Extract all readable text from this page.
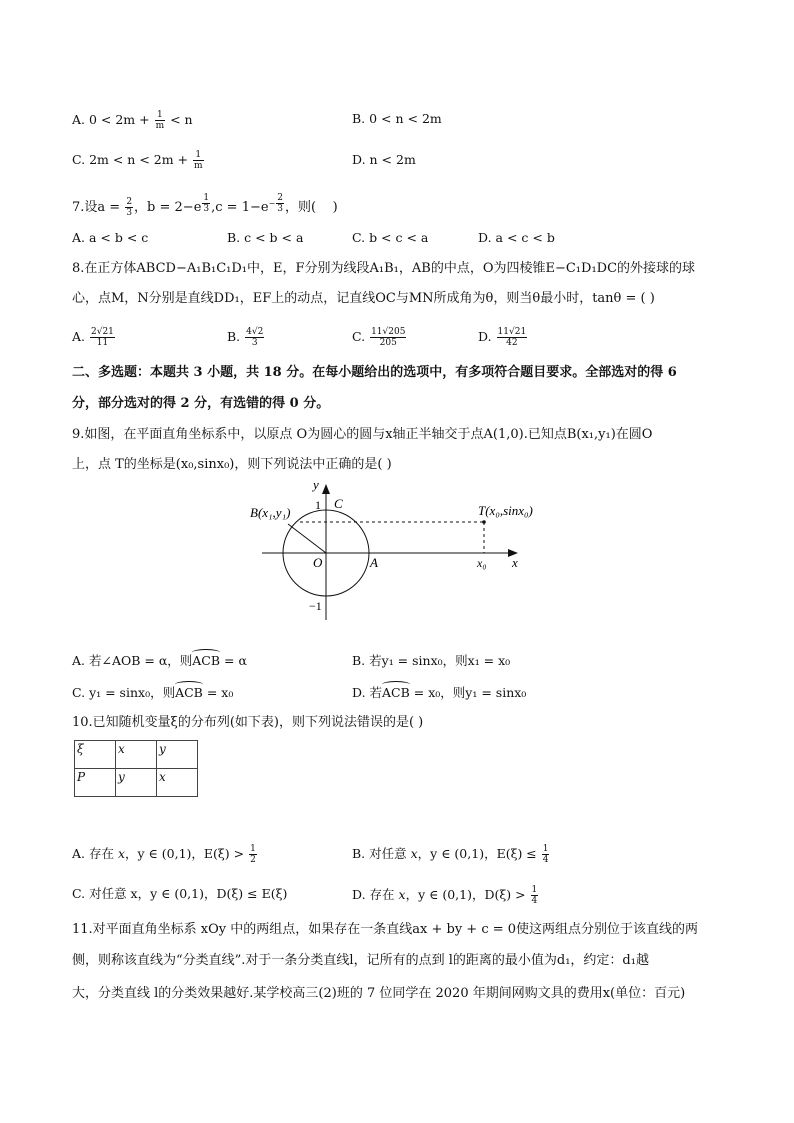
A. $0 < 2m + \frac{1}{m} < n$	B. 0 < n < 2m
C. $2m < n < 2m + \frac{1}{m}$	D. n < 2m
7.设$a = \frac{2}{3}$ ，b = 2−e $^{\frac{1}{3}}$ $,c = 1-e^{- \frac{2}{3}}$ ，则(    )
A. a < b < c	B. c < b < a	C. b < c < a	D. a < c < b
8.在正方体ABCD−A₁B₁C₁D₁中，E，F分别为线段A₁B₁，AB的中点，O为四棱锥E−C₁D₁DC的外接球的球
心，点M，N分别是直线DD₁，EF上的动点，记直线OC与MN所成角为θ，则当θ最小时，tanθ = ( )
A. $\frac{2√21}{11}$	B. $\frac{4√2}{3}$	C. $\frac{11√205}{205}$	D. $\frac{11√21}{42}$
二、多选题：本题共 3 小题，共 18 分。在每小题给出的选项中，有多项符合题目要求。全部选对的得 6
分，部分选对的得 2 分，有选错的得 0 分。
9.如图，在平面直角坐标系中，以原点 O为圆心的圆与x轴正半轴交于点A(1,0).已知点B(x₁,y₁)在圆O
上，点 T的坐标是(x₀,sinx₀)，则下列说法中正确的是( )
y
x
B(x₁,y₁)
C	T(x₀,sinx₀)
O	A	x₀
1
−1
A. 若∠AOB = α，则ACB = α	B. 若y₁ = sinx₀，则x₁ = x₀
C. y₁ = sinx₀，则ACB = x₀	D. 若ACB = x₀，则y₁ = sinx₀
10.已知随机变量ξ的分布列(如下表)，则下列说法错误的是( )
ξ	x	y
P	y	x
A. 存在 x，y ∈ (0,1)，$E(\xi) > \frac{1}{2}$	B. 对任意 x，y ∈ (0,1)，$E(\xi) \le \frac{1}{4}$
C. 对任意 x，y ∈ (0,1)，D(ξ) ≤ E(ξ)	D. 存在 x，y ∈ (0,1)，$D(\xi) > \frac{1}{4}$
11.对平面直角坐标系 xOy 中的两组点，如果存在一条直线ax + by + c = 0使这两组点分别位于该直线的两
侧，则称该直线为“分类直线”.对于一条分类直线l，记所有的点到 l的距离的最小值为d₁，约定：d₁越
大，分类直线 l的分类效果越好.某学校高三(2)班的 7 位同学在 2020 年期间网购文具的费用x(单位：百元)
